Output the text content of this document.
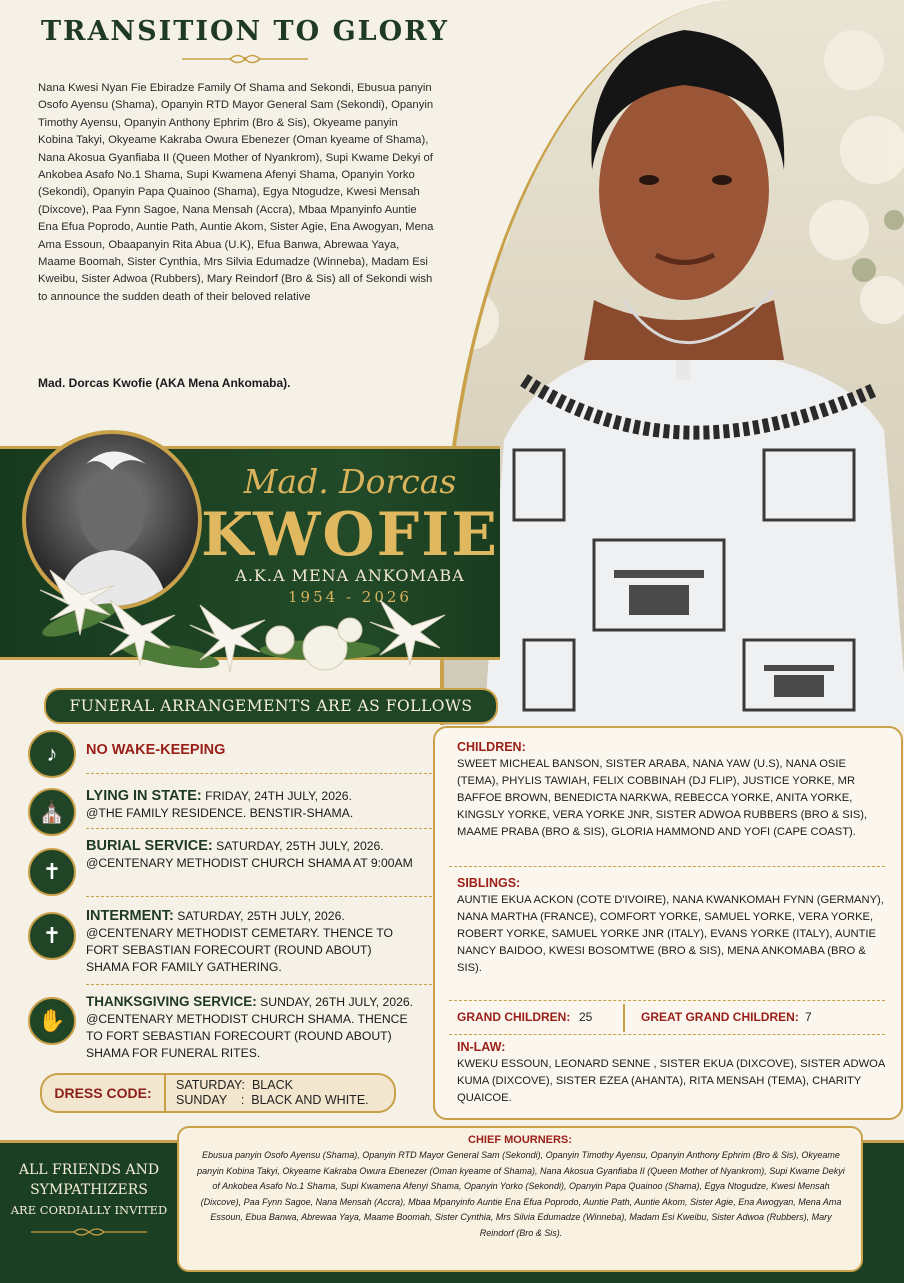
TRANSITION TO GLORY
Nana Kwesi Nyan Fie Ebiradze Family Of Shama and Sekondi, Ebusua panyin Osofo Ayensu (Shama), Opanyin RTD Mayor General Sam (Sekondi), Opanyin Timothy Ayensu, Opanyin Anthony Ephrim (Bro & Sis), Okyeame panyin Kobina Takyi, Okyeame Kakraba Owura Ebenezer (Oman kyeame of Shama), Nana Akosua Gyanfiaba II (Queen Mother of Nyankrom), Supi Kwame Dekyi of Ankobea Asafo No.1 Shama, Supi Kwamena Afenyi Shama, Opanyin Yorko (Sekondi), Opanyin Papa Quainoo (Shama), Egya Ntogudze, Kwesi Mensah (Dixcove), Paa Fynn Sagoe, Nana Mensah (Accra), Mbaa Mpanyinfo Auntie Ena Efua Poprodo, Auntie Path, Auntie Akom, Sister Agie, Ena Awogyan, Mena Ama Essoun, Obaapanyin Rita Abua (U.K), Efua Banwa, Abrewaa Yaya, Maame Boomah, Sister Cynthia, Mrs Silvia Edumadze (Winneba), Madam Esi Kweibu, Sister Adwoa (Rubbers), Mary Reindorf (Bro & Sis) all of Sekondi wish to announce the sudden death of their beloved relative
Mad. Dorcas Kwofie (AKA Mena Ankomaba).
Mad. Dorcas
KWOFIE
A.K.A MENA ANKOMABA
1954 - 2026
FUNERAL ARRANGEMENTS ARE AS FOLLOWS
♪	NO WAKE-KEEPING
⛪
LYING IN STATE: FRIDAY, 24TH JULY, 2026.
@THE FAMILY RESIDENCE. BENSTIR-SHAMA.
✝
BURIAL SERVICE: SATURDAY, 25TH JULY, 2026.
@CENTENARY METHODIST CHURCH SHAMA AT 9:00AM
✝
INTERMENT: SATURDAY, 25TH JULY, 2026.
@CENTENARY METHODIST CEMETARY. THENCE TO FORT SEBASTIAN FORECOURT (ROUND ABOUT) SHAMA FOR FAMILY GATHERING.
✋
THANKSGIVING SERVICE: SUNDAY, 26TH JULY, 2026.
@CENTENARY METHODIST CHURCH SHAMA. THENCE TO FORT SEBASTIAN FORECOURT (ROUND ABOUT) SHAMA FOR FUNERAL RITES.
DRESS CODE:	SATURDAY:  BLACK
SUNDAY    :  BLACK AND WHITE.
CHILDREN:
SWEET MICHEAL BANSON, SISTER ARABA, NANA YAW (U.S), NANA OSIE (TEMA), PHYLIS TAWIAH, FELIX COBBINAH (DJ FLIP), JUSTICE YORKE, MR BAFFOE BROWN, BENEDICTA NARKWA, REBECCA YORKE, ANITA YORKE, KINGSLY YORKE, VERA YORKE JNR, SISTER ADWOA RUBBERS (BRO & SIS), MAAME PRABA (BRO & SIS), GLORIA HAMMOND AND YOFI (CAPE COAST).
SIBLINGS:
AUNTIE EKUA ACKON (COTE D'IVOIRE), NANA KWANKOMAH FYNN (GERMANY), NANA MARTHA (FRANCE), COMFORT YORKE, SAMUEL YORKE, VERA YORKE, ROBERT YORKE, SAMUEL YORKE JNR (ITALY), EVANS YORKE (ITALY), AUNTIE NANCY BAIDOO, KWESI BOSOMTWE (BRO & SIS), MENA ANKOMABA (BRO & SIS).
GRAND CHILDREN: 25	GREAT GRAND CHILDREN: 7
IN-LAW:
KWEKU ESSOUN, LEONARD SENNE , SISTER EKUA (DIXCOVE), SISTER ADWOA KUMA (DIXCOVE), SISTER EZEA (AHANTA), RITA MENSAH (TEMA), CHARITY QUAICOE.
ALL FRIENDS AND
SYMPATHIZERS
ARE CORDIALLY INVITED
CHIEF MOURNERS:
Ebusua panyin Osofo Ayensu (Shama), Opanyin RTD Mayor General Sam (Sekondi), Opanyin Timothy Ayensu, Opanyin Anthony Ephrim (Bro & Sis), Okyeame panyin Kobina Takyi, Okyeame Kakraba Owura Ebenezer (Oman kyeame of Shama), Nana Akosua Gyanfiaba II (Queen Mother of Nyankrom), Supi Kwame Dekyi of Ankobea Asafo No.1 Shama, Supi Kwamena Afenyi Shama, Opanyin Yorko (Sekondi), Opanyin Papa Quainoo (Shama), Egya Ntogudze, Kwesi Mensah (Dixcove), Paa Fynn Sagoe, Nana Mensah (Accra), Mbaa Mpanyinfo Auntie Ena Efua Poprodo, Auntie Path, Auntie Akom, Sister Agie, Ena Awogyan, Mena Ama Essoun, Ebua Banwa, Abrewaa Yaya, Maame Boomah, Sister Cynthia, Mrs Silvia Edumadze (Winneba), Madam Esi Kweibu, Sister Adwoa (Rubbers), Mary Reindorf (Bro & Sis).
